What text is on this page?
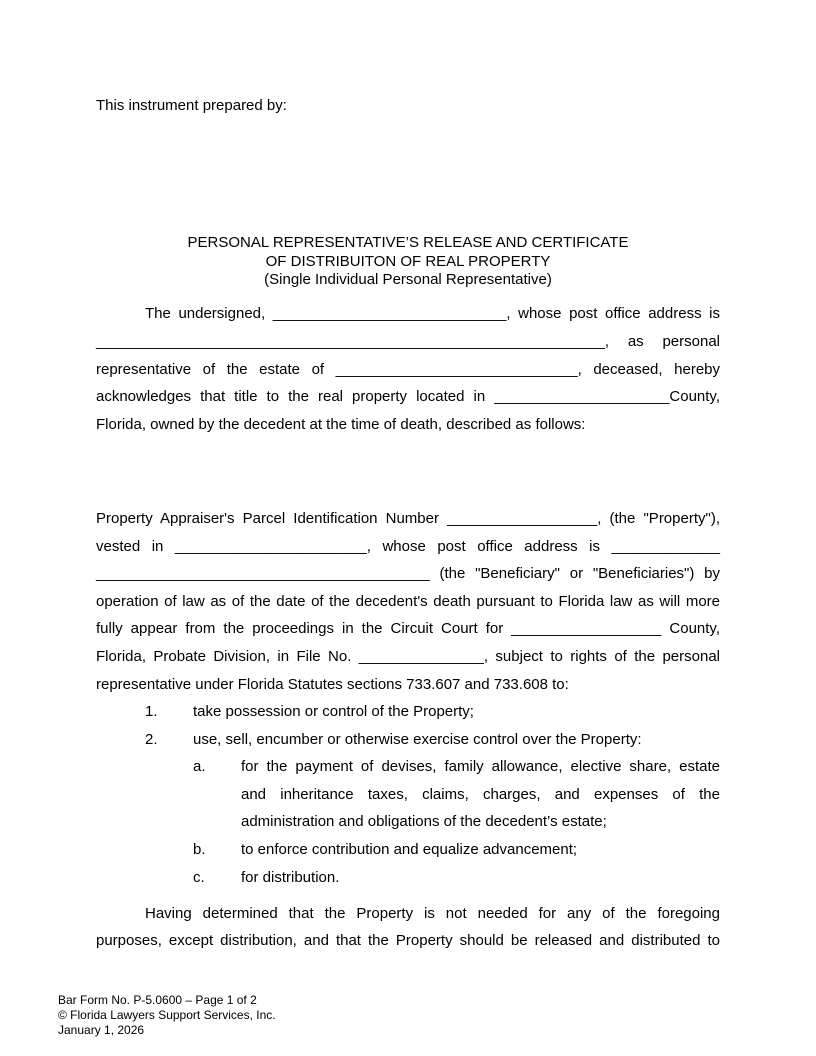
This instrument prepared by:
PERSONAL REPRESENTATIVE’S RELEASE AND CERTIFICATE
OF DISTRIBUITON OF REAL PROPERTY
(Single Individual Personal Representative)
The undersigned, ____________________________, whose post office address is
_____________________________________________________________, as personal
representative of the estate of _____________________________, deceased, hereby
acknowledges that title to the real property located in _____________________County,
Florida, owned by the decedent at the time of death, described as follows:
Property Appraiser's Parcel Identification Number __________________, (the "Property"),
vested in _______________________, whose post office address is _____________
________________________________________ (the "Beneficiary" or "Beneficiaries") by
operation of law as of the date of the decedent's death pursuant to Florida law as will more
fully appear from the proceedings in the Circuit Court for __________________ County,
Florida, Probate Division, in File No. _______________, subject to rights of the personal
representative under Florida Statutes sections 733.607 and 733.608 to:
1. take possession or control of the Property;
2. use, sell, encumber or otherwise exercise control over the Property:
a. for the payment of devises, family allowance, elective share, estate
and inheritance taxes, claims, charges, and expenses of the
administration and obligations of the decedent’s estate;
b. to enforce contribution and equalize advancement;
c. for distribution.
Having determined that the Property is not needed for any of the foregoing
purposes, except distribution, and that the Property should be released and distributed to
Bar Form No. P-5.0600 – Page 1 of 2
© Florida Lawyers Support Services, Inc.
January 1, 2026
